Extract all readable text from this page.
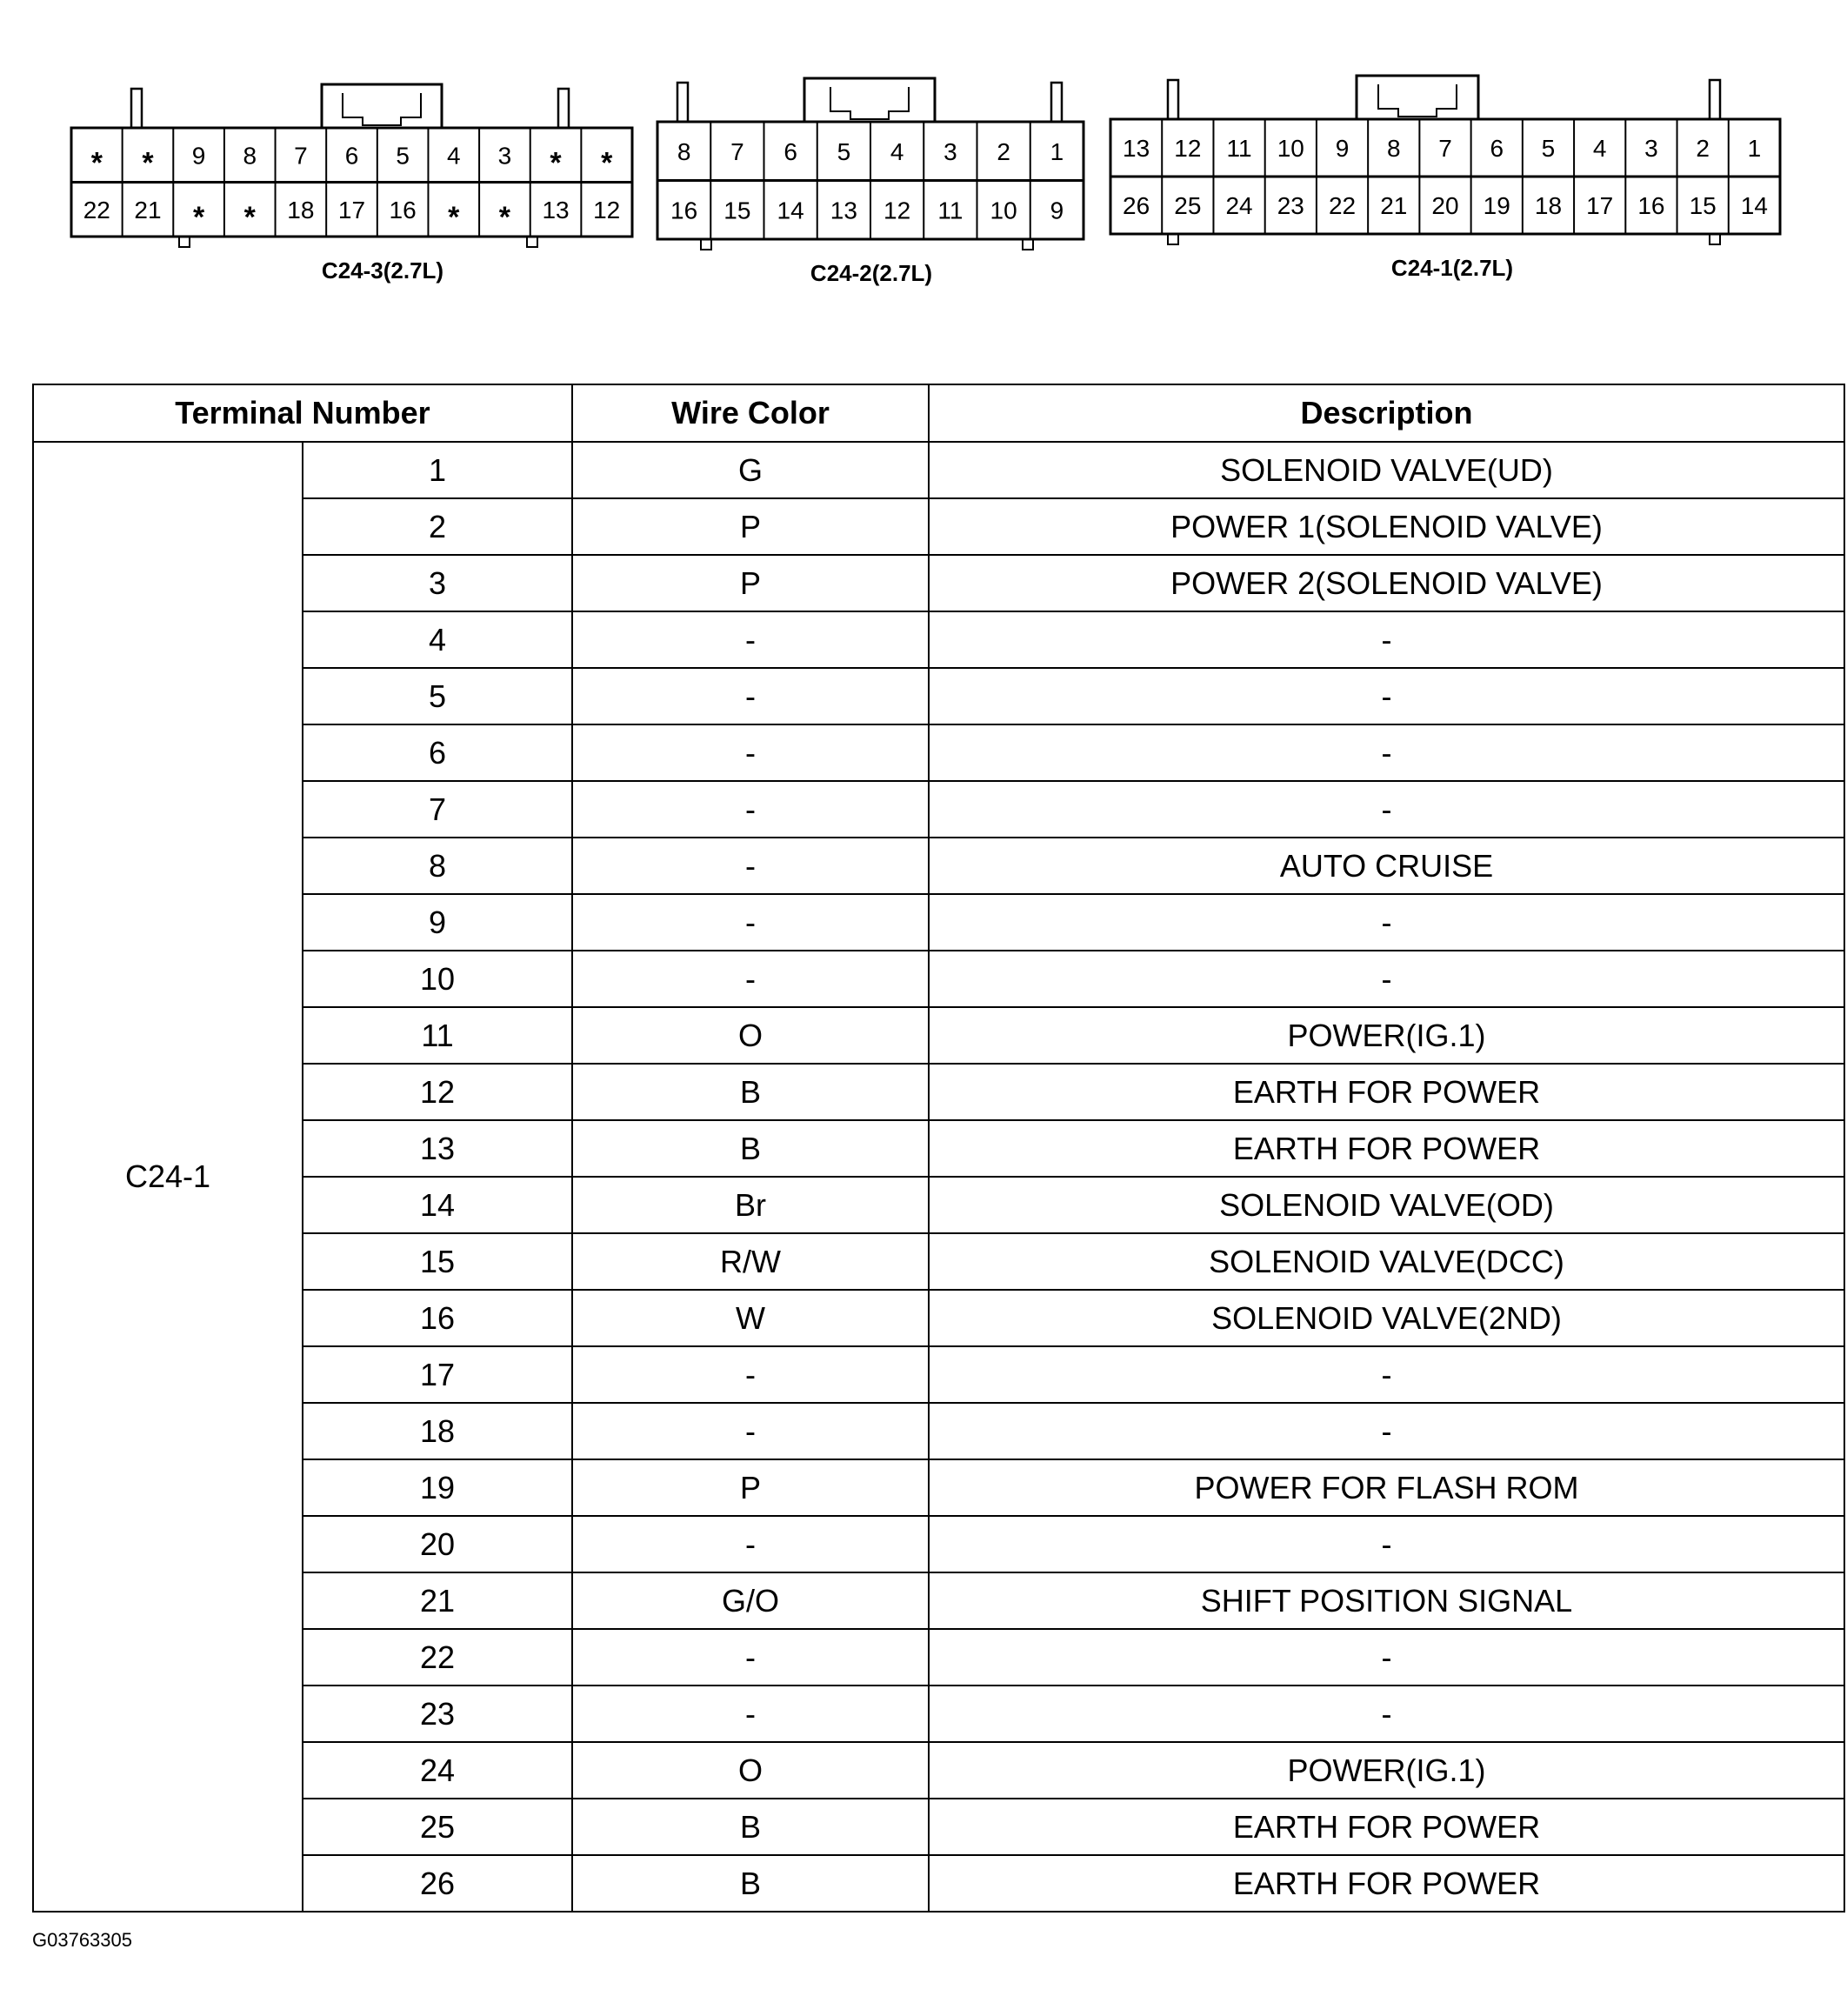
* * 9 8 7 6 5 4 3 * *
22 21 * * 18 17 16 * * 13 12
C24-3(2.7L)
8 7 6 5 4 3 2 1
16 15 14 13 12 11 10 9
C24-2(2.7L)
13 12 11 10 9 8 7 6 5 4 3 2 1
26 25 24 23 22 21 20 19 18 17 16 15 14
C24-1(2.7L)
Terminal Number		Wire Color	Description
C24-1	1	G	SOLENOID VALVE(UD)
	2	P	POWER 1(SOLENOID VALVE)
	3	P	POWER 2(SOLENOID VALVE)
	4	-	-
	5	-	-
	6	-	-
	7	-	-
	8	-	AUTO CRUISE
	9	-	-
	10	-	-
	11	O	POWER(IG.1)
	12	B	EARTH FOR POWER
	13	B	EARTH FOR POWER
	14	Br	SOLENOID VALVE(OD)
	15	R/W	SOLENOID VALVE(DCC)
	16	W	SOLENOID VALVE(2ND)
	17	-	-
	18	-	-
	19	P	POWER FOR FLASH ROM
	20	-	-
	21	G/O	SHIFT POSITION SIGNAL
	22	-	-
	23	-	-
	24	O	POWER(IG.1)
	25	B	EARTH FOR POWER
	26	B	EARTH FOR POWER
G03763305
